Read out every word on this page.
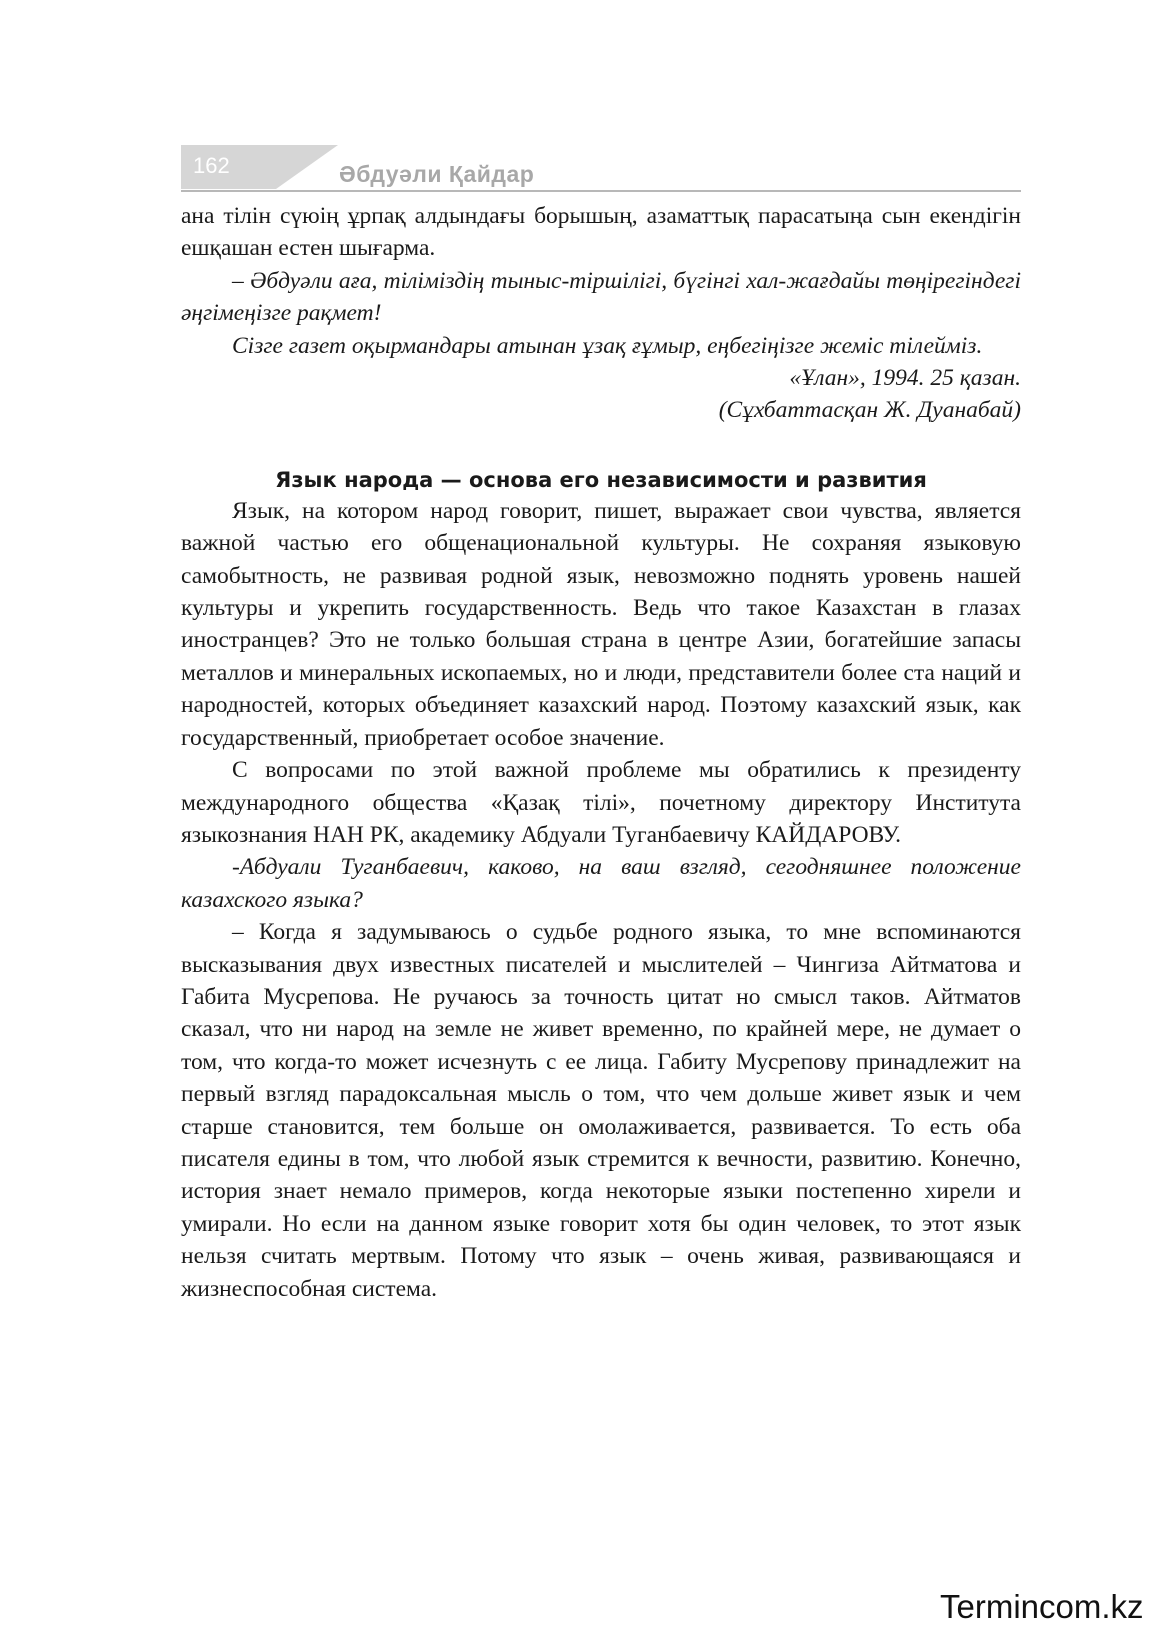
162	Әбдуәли Қайдар

ана тілін сүюің ұрпақ алдындағы борышың, азаматтық парасатыңа сын екендігін ешқашан естен шығарма.

– Әбдуәли аға, тіліміздің тыныс-тіршілігі, бүгінгі хал-жағдайы төңірегіндегі әңгімеңізге рақмет!

Сізге газет оқырмандары атынан ұзақ ғұмыр, еңбегіңізге жеміс тілейміз.

«Ұлан», 1994. 25 қазан.

(Сұхбаттасқан Ж. Дуанабай)

Язык народа — основа его независимости и развития

Язык, на котором народ говорит, пишет, выражает свои чувства, является важной частью его общенациональной культуры. Не сохраняя языковую самобытность, не развивая родной язык, невозможно поднять уровень нашей культуры и укрепить государственность. Ведь что такое Казахстан в глазах иностранцев? Это не только большая страна в центре Азии, богатейшие запасы металлов и минеральных ископаемых, но и люди, представители более ста наций и народностей, которых объединяет казахский народ. Поэтому казахский язык, как государственный, приобретает особое значение.

С вопросами по этой важной проблеме мы обратились к президенту международного общества «Қазақ тілі», почетному директору Института языкознания НАН РК, академику Абдуали Туганбаевичу КАЙДАРОВУ.

-Абдуали Туганбаевич, каково, на ваш взгляд, сегодняшнее положение казахского языка?

– Когда я задумываюсь о судьбе родного языка, то мне вспоминаются высказывания двух известных писателей и мыслителей – Чингиза Айтматова и Габита Мусрепова. Не ручаюсь за точность цитат но смысл таков. Айтматов сказал, что ни народ на земле не живет временно, по крайней мере, не думает о том, что когда-то может исчезнуть с ее лица. Габиту Мусрепову принадлежит на первый взгляд парадоксальная мысль о том, что чем дольше живет язык и чем старше становится, тем больше он омолаживается, развивается. То есть оба писателя едины в том, что любой язык стремится к вечности, развитию. Конечно, история знает немало примеров, когда некоторые языки постепенно хирели и умирали. Но если на данном языке говорит хотя бы один человек, то этот язык нельзя считать мертвым. Потому что язык – очень живая, развивающаяся и жизнеспособная система.

Termincom.kz
